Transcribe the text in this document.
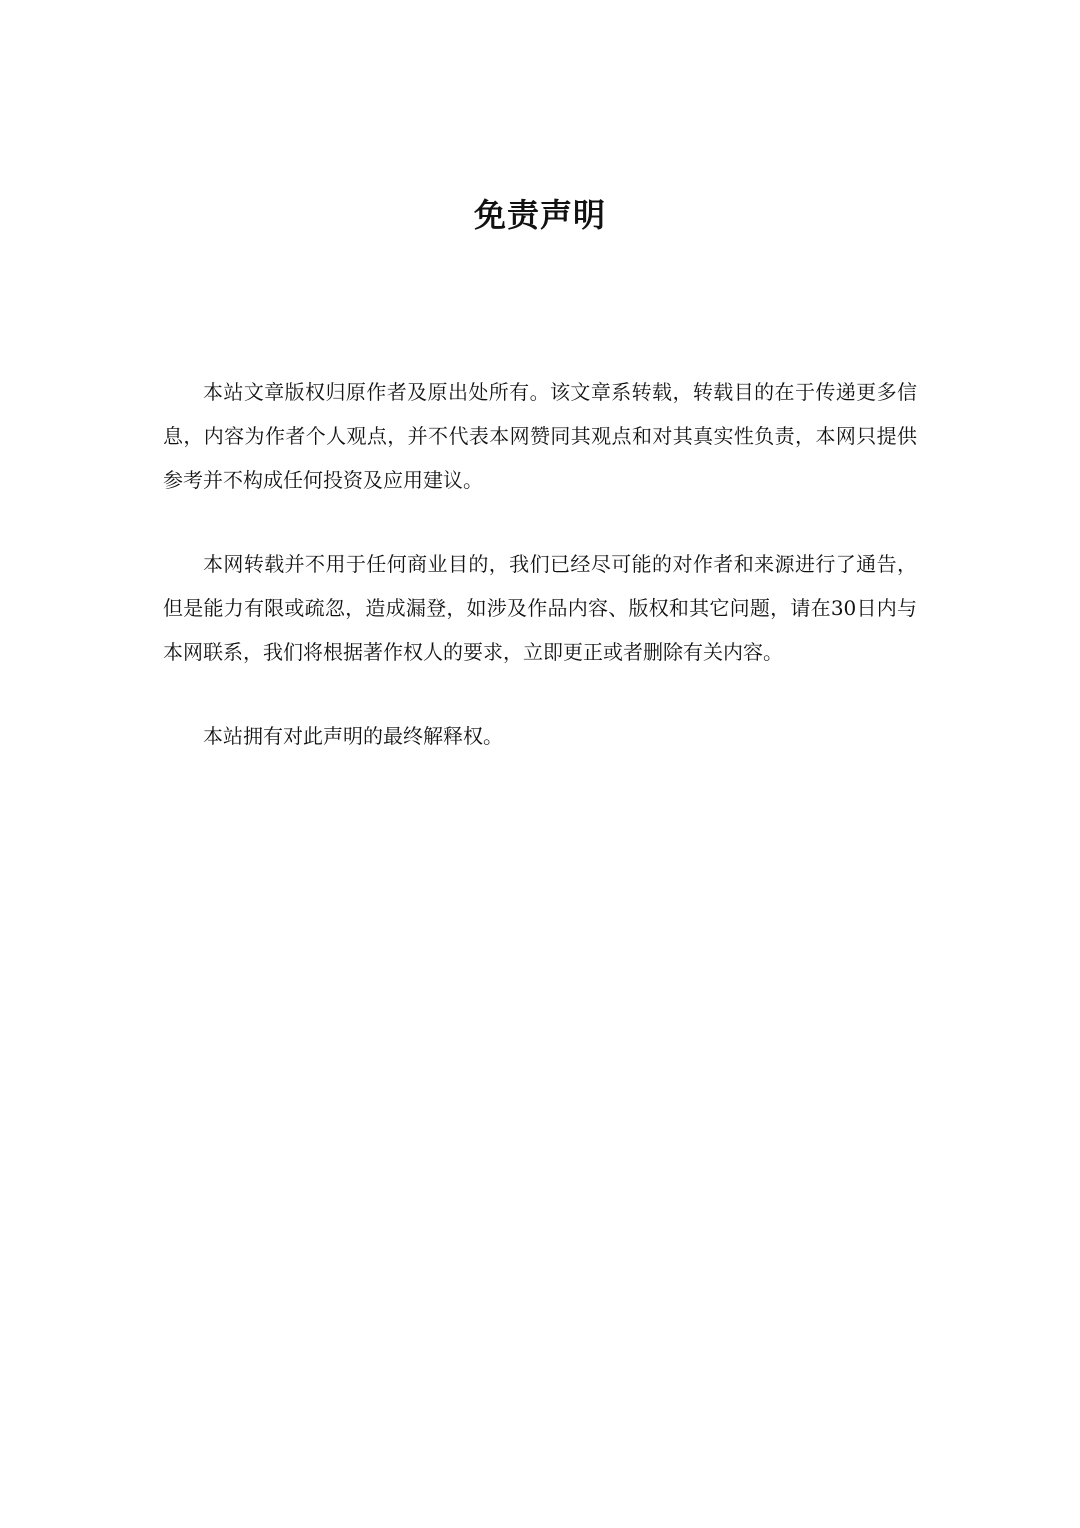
免责声明

本站文章版权归原作者及原出处所有。该文章系转载，转载目的在于传递更多信息，内容为作者个人观点，并不代表本网赞同其观点和对其真实性负责，本网只提供参考并不构成任何投资及应用建议。

本网转载并不用于任何商业目的，我们已经尽可能的对作者和来源进行了通告，但是能力有限或疏忽，造成漏登，如涉及作品内容、版权和其它问题，请在30日内与本网联系，我们将根据著作权人的要求，立即更正或者删除有关内容。

本站拥有对此声明的最终解释权。
